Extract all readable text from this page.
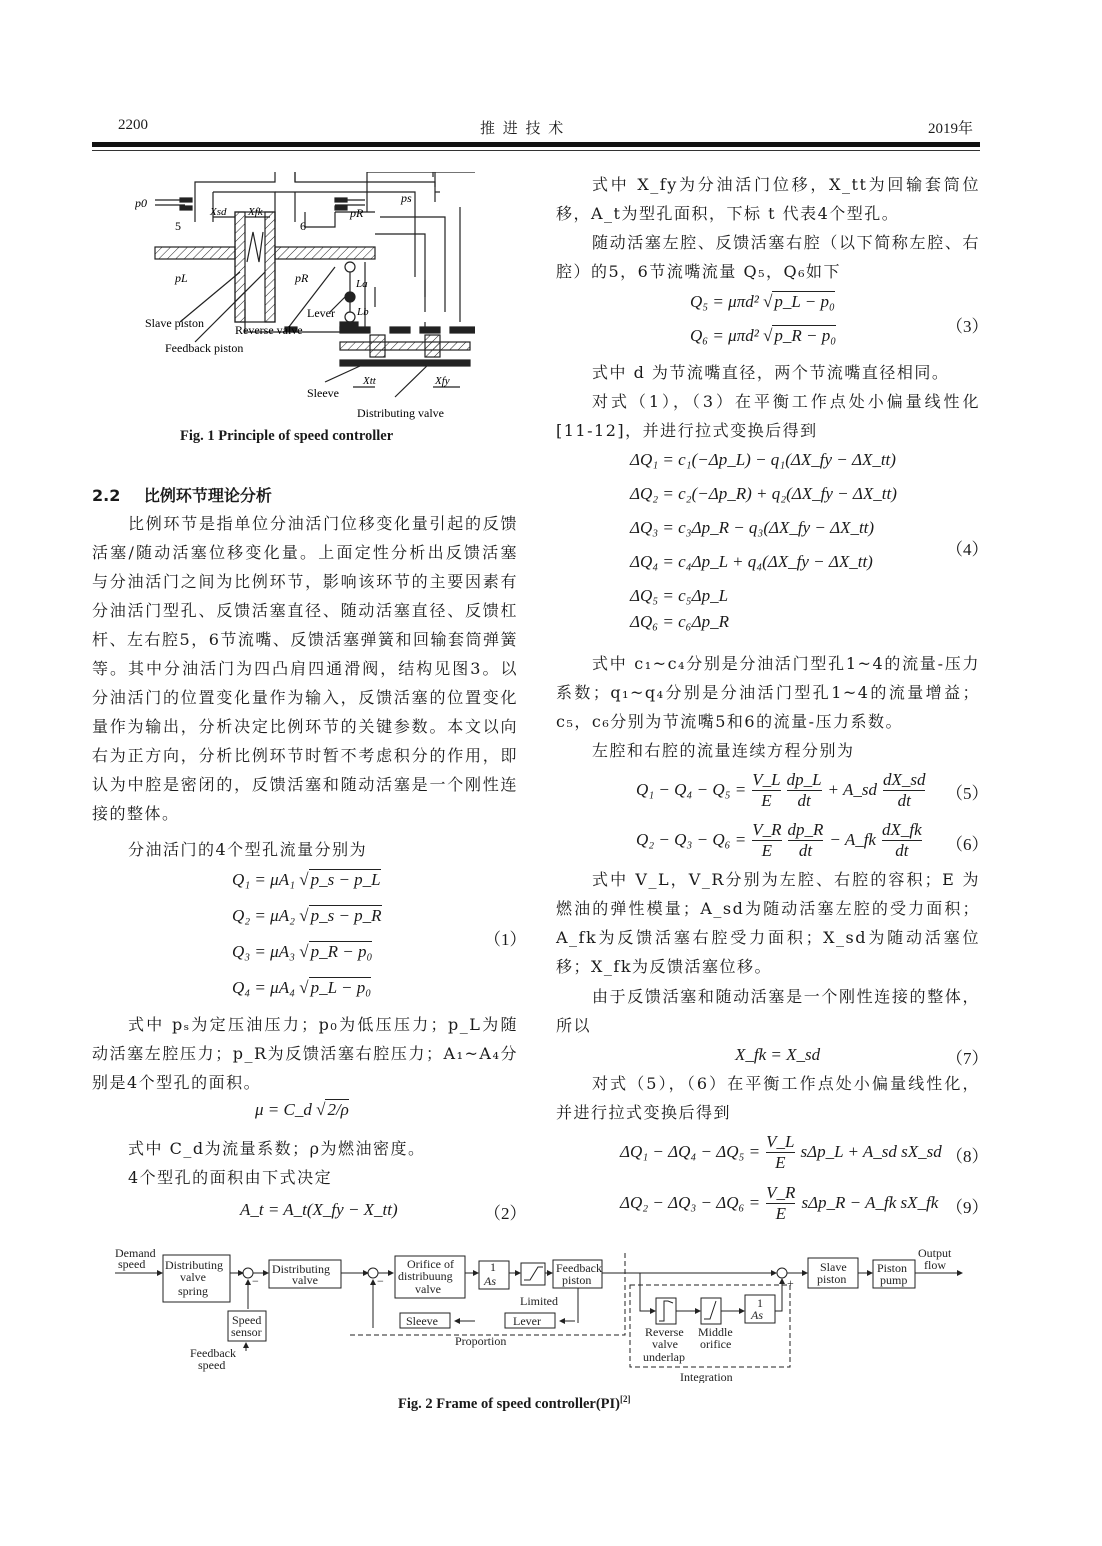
2200	推 进 技 术	2019年
p0
pR
ps
5	6
Xsd Xfk
pL	pR	La
Lb
Lever
Slave piston	Reverse valve
Feedback piston
Sleeve
Distributing valve
Xtt	Xfy
Fig. 1 Principle of speed controller
2.2 比例环节理论分析
比例环节是指单位分油活门位移变化量引起的反馈活塞/随动活塞位移变化量。上面定性分析出反馈活塞与分油活门之间为比例环节，影响该环节的主要因素有分油活门型孔、反馈活塞直径、随动活塞直径、反馈杠杆、左右腔5，6节流嘴、反馈活塞弹簧和回输套筒弹簧等。其中分油活门为四凸肩四通滑阀，结构见图3。以分油活门的位置变化量作为输入，反馈活塞的位置变化量作为输出，分析决定比例环节的关键参数。本文以向右为正方向，分析比例环节时暂不考虑积分的作用，即认为中腔是密闭的，反馈活塞和随动活塞是一个刚性连接的整体。
分油活门的4个型孔流量分别为
Q₁ = μA₁ √ p_s − p_L
Q₂ = μA₂ √ p_s − p_R
Q₃ = μA₃ √ p_R − p₀
Q₄ = μA₄ √ p_L − p₀
（1）
式中 pₛ为定压油压力；p₀为低压压力；p_L为随动活塞左腔压力；p_R为反馈活塞右腔压力；A₁~A₄分别是4个型孔的面积。
μ = C_d √ 2/ρ
式中 C_d为流量系数；ρ为燃油密度。
4个型孔的面积由下式决定
A_t = A_t(X_fy − X_tt)	（2）
式中 X_fy为分油活门位移，X_tt为回输套筒位移，A_t为型孔面积，下标 t 代表4个型孔。
随动活塞左腔、反馈活塞右腔（以下简称左腔、右腔）的5，6节流嘴流量 Q₅，Q₆如下
Q₅ = μπd² √ p_L − p₀
Q₆ = μπd² √ p_R − p₀	（3）
式中 d 为节流嘴直径，两个节流嘴直径相同。
对式（1），（3）在平衡工作点处小偏量线性化[11-12]，并进行拉式变换后得到
ΔQ₁ = c₁(−Δp_L) − q₁(ΔX_fy − ΔX_tt)
ΔQ₂ = c₂(−Δp_R) + q₂(ΔX_fy − ΔX_tt)
ΔQ₃ = c₃Δp_R − q₃(ΔX_fy − ΔX_tt)
ΔQ₄ = c₄Δp_L + q₄(ΔX_fy − ΔX_tt)
ΔQ₅ = c₅Δp_L
ΔQ₆ = c₆Δp_R
（4）
式中 c₁~c₄分别是分油活门型孔1~4的流量-压力系数；q₁~q₄分别是分油活门型孔1~4的流量增益；c₅，c₆分别为节流嘴5和6的流量-压力系数。
左腔和右腔的流量连续方程分别为
$Q_1 - Q_4 - Q_5 = \frac{V\_L}{E}$ dp_L
dt
+ A_sd
dX_sd
dt	（5）
$Q_2 - Q_3 - Q_6 = \frac{V\_R}{E}$ dp_R
dt
− A_fk
dX_fk
dt	（6）
式中 V_L，V_R分别为左腔、右腔的容积；E 为燃油的弹性模量；A_sd为随动活塞左腔的受力面积；A_fk为反馈活塞右腔受力面积；X_sd为随动活塞位移；X_fk为反馈活塞位移。
由于反馈活塞和随动活塞是一个刚性连接的整体，所以
X_fk = X_sd	（7）
对式（5），（6）在平衡工作点处小偏量线性化，并进行拉式变换后得到
$\Delta Q_1 - \Delta Q_4 - \Delta Q_5 = \frac{V\_L}{E}$ sΔp_L + A_sd sX_sd （8）
$\Delta Q_2 - \Delta Q_3 - \Delta Q_6 = \frac{V\_R}{E}$ sΔp_R − A_fk sX_fk （9）
Demand
speed Distributing
valve
spring
Distributing
valve
−	−
Orifice of
distribuung
valve
1
As
Limited
Feedback
piston
Slave
piston
Piston
pump
Output
flow
+
Speed
sensor
Feedback
speed
Sleeve	Lever
Proportion
Reverse
valve
underlap
Middle
orifice
1
As
Integration
Fig. 2 Frame of speed controller(PI)[2]
